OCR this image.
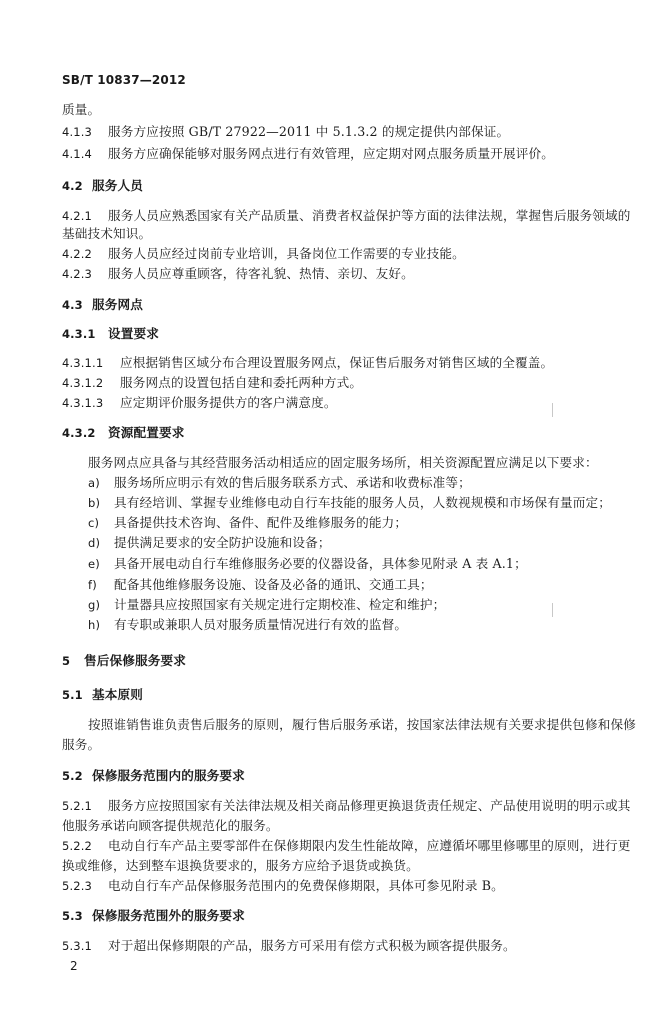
SB/T 10837—2012
质量。
4.1.3 服务方应按照 GB/T 27922—2011 中 5.1.3.2 的规定提供内部保证。
4.1.4 服务方应确保能够对服务网点进行有效管理，应定期对网点服务质量开展评价。
4.2 服务人员
4.2.1 服务人员应熟悉国家有关产品质量、消费者权益保护等方面的法律法规，掌握售后服务领域的
基础技术知识。
4.2.2 服务人员应经过岗前专业培训，具备岗位工作需要的专业技能。
4.2.3 服务人员应尊重顾客，待客礼貌、热情、亲切、友好。
4.3 服务网点
4.3.1 设置要求
4.3.1.1 应根据销售区域分布合理设置服务网点，保证售后服务对销售区域的全覆盖。
4.3.1.2 服务网点的设置包括自建和委托两种方式。
4.3.1.3 应定期评价服务提供方的客户满意度。
4.3.2 资源配置要求
服务网点应具备与其经营服务活动相适应的固定服务场所，相关资源配置应满足以下要求：
a) 服务场所应明示有效的售后服务联系方式、承诺和收费标准等；
b) 具有经培训、掌握专业维修电动自行车技能的服务人员，人数视规模和市场保有量而定；
c) 具备提供技术咨询、备件、配件及维修服务的能力；
d) 提供满足要求的安全防护设施和设备；
e) 具备开展电动自行车维修服务必要的仪器设备，具体参见附录 A 表 A.1；
f) 配备其他维修服务设施、设备及必备的通讯、交通工具；
g) 计量器具应按照国家有关规定进行定期校准、检定和维护；
h) 有专职或兼职人员对服务质量情况进行有效的监督。
5 售后保修服务要求
5.1 基本原则
按照谁销售谁负责售后服务的原则，履行售后服务承诺，按国家法律法规有关要求提供包修和保修
服务。
5.2 保修服务范围内的服务要求
5.2.1 服务方应按照国家有关法律法规及相关商品修理更换退货责任规定、产品使用说明的明示或其
他服务承诺向顾客提供规范化的服务。
5.2.2 电动自行车产品主要零部件在保修期限内发生性能故障，应遵循坏哪里修哪里的原则，进行更
换或维修，达到整车退换货要求的，服务方应给予退货或换货。
5.2.3 电动自行车产品保修服务范围内的免费保修期限，具体可参见附录 B。
5.3 保修服务范围外的服务要求
5.3.1 对于超出保修期限的产品，服务方可采用有偿方式积极为顾客提供服务。
2
